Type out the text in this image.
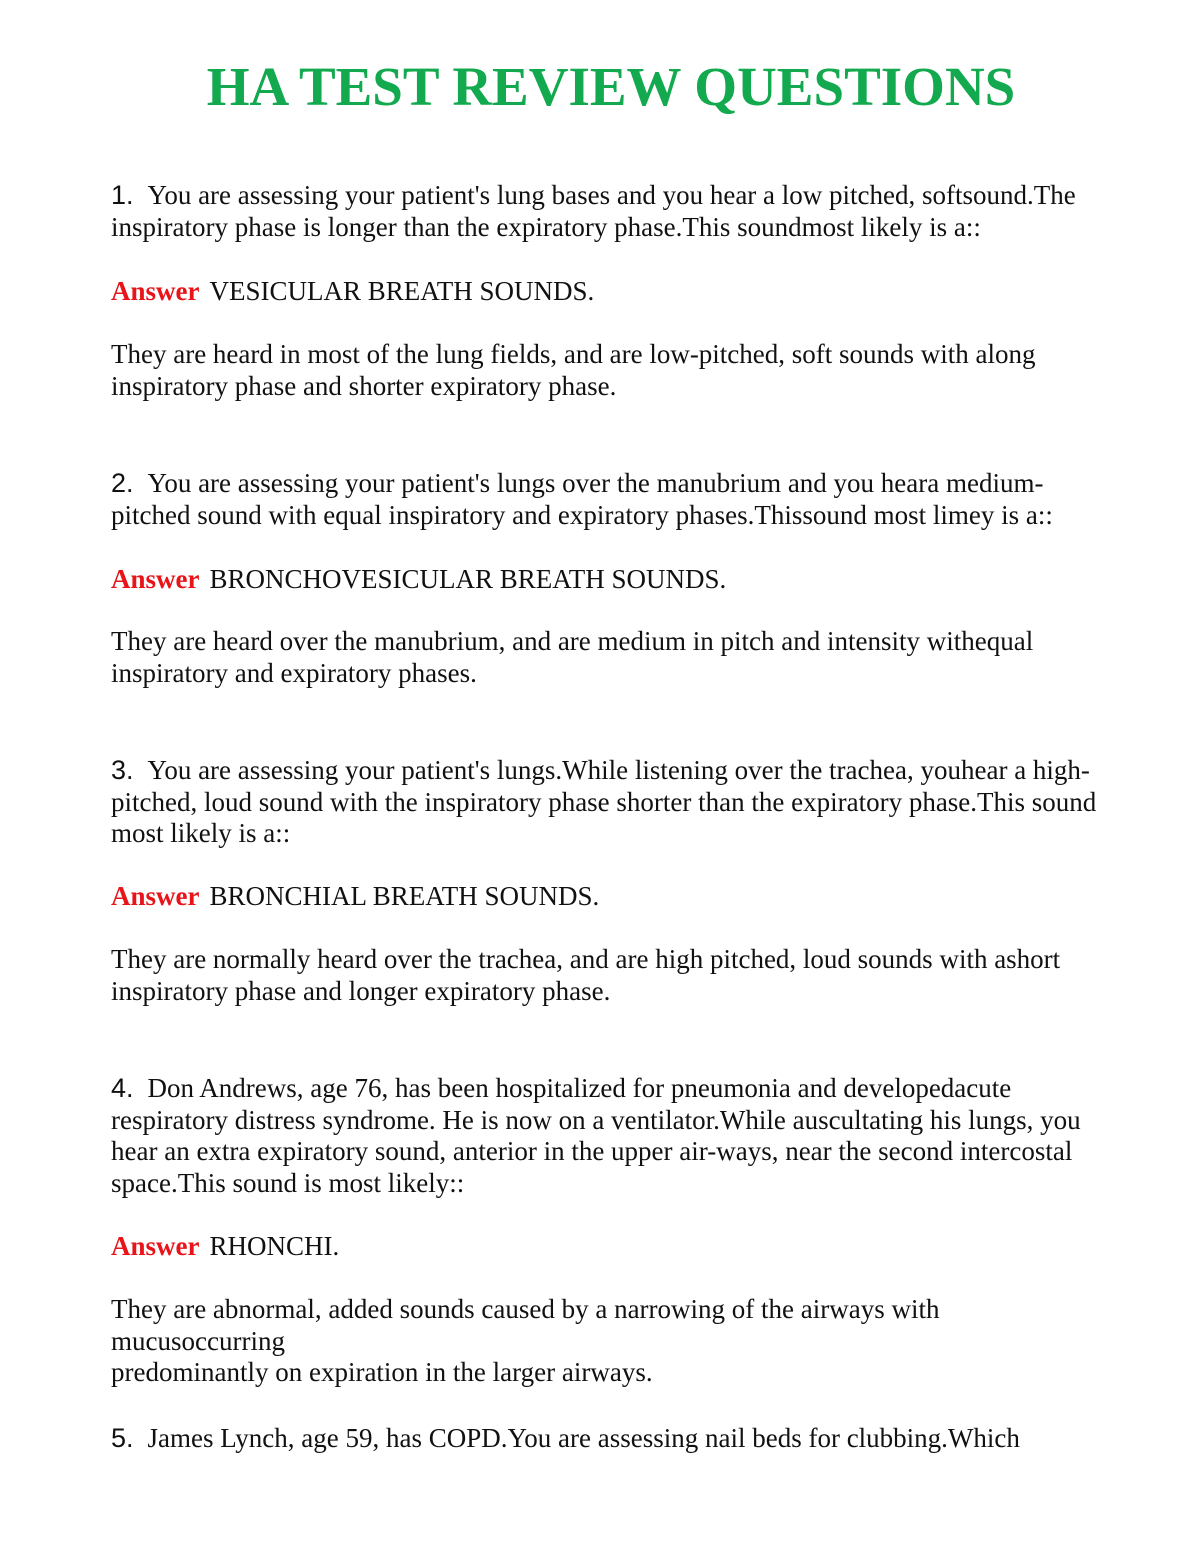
HA TEST REVIEW QUESTIONS

1. You are assessing your patient's lung bases and you hear a low pitched, softsound.The
inspiratory phase is longer than the expiratory phase.This soundmost likely is a::

Answer VESICULAR BREATH SOUNDS.

They are heard in most of the lung fields, and are low-pitched, soft sounds with along
inspiratory phase and shorter expiratory phase.

2. You are assessing your patient's lungs over the manubrium and you heara medium-
pitched sound with equal inspiratory and expiratory phases.Thissound most limey is a::

Answer BRONCHOVESICULAR BREATH SOUNDS.

They are heard over the manubrium, and are medium in pitch and intensity withequal
inspiratory and expiratory phases.

3. You are assessing your patient's lungs.While listening over the trachea, youhear a high-
pitched, loud sound with the inspiratory phase shorter than the expiratory phase.This sound
most likely is a::

Answer BRONCHIAL BREATH SOUNDS.

They are normally heard over the trachea, and are high pitched, loud sounds with ashort
inspiratory phase and longer expiratory phase.

4. Don Andrews, age 76, has been hospitalized for pneumonia and developedacute
respiratory distress syndrome. He is now on a ventilator.While auscultating his lungs, you
hear an extra expiratory sound, anterior in the upper air-ways, near the second intercostal
space.This sound is most likely::

Answer RHONCHI.

They are abnormal, added sounds caused by a narrowing of the airways with mucusoccurring
predominantly on expiration in the larger airways.

5. James Lynch, age 59, has COPD.You are assessing nail beds for clubbing.Which
